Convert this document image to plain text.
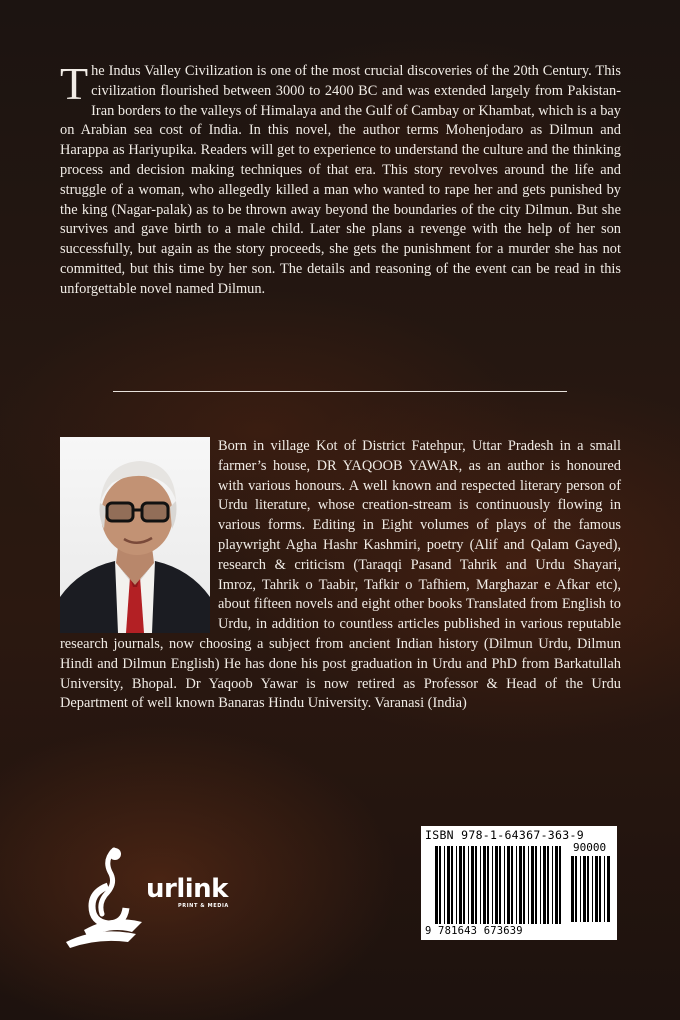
The Indus Valley Civilization is one of the most crucial discoveries of the 20th Century. This civilization flourished between 3000 to 2400 BC and was extended largely from Pakistan-Iran borders to the valleys of Himalaya and the Gulf of Cambay or Khambat, which is a bay on Arabian sea cost of India. In this novel, the author terms Mohenjodaro as Dilmun and Harappa as Hariyupika. Readers will get to experience to understand the culture and the thinking process and decision making techniques of that era. This story revolves around the life and struggle of a woman, who allegedly killed a man who wanted to rape her and gets punished by the king (Nagar-palak) as to be thrown away beyond the boundaries of the city Dilmun. But she survives and gave birth to a male child. Later she plans a revenge with the help of her son successfully, but again as the story proceeds, she gets the punishment for a murder she has not committed, but this time by her son. The details and reasoning of the event can be read in this unforgettable novel named Dilmun.
Born in village Kot of District Fatehpur, Uttar Pradesh in a small farmer’s house, DR YAQOOB YAWAR, as an author is honoured with various honours. A well known and respected literary person of Urdu literature, whose creation-stream is continuously flowing in various forms. Editing in Eight volumes of plays of the famous playwright Agha Hashr Kashmiri, poetry (Alif and Qalam Gayed), research & criticism (Taraqqi Pasand Tahrik and Urdu Shayari, Imroz, Tahrik o Taabir, Tafkir o Tafhiem, Marghazar e Afkar etc), about fifteen novels and eight other books Translated from English to Urdu, in addition to countless articles published in various reputable research journals, now choosing a subject from ancient Indian history (Dilmun Urdu, Dilmun Hindi and Dilmun English) He has done his post graduation in Urdu and PhD from Barkatullah University, Bhopal. Dr Yaqoob Yawar is now retired as Professor & Head of the Urdu Department of well known Banaras Hindu University. Varanasi (India)
urlink
PRINT & MEDIA
ISBN 978-1-64367-363-9
90000
9 781643 673639
